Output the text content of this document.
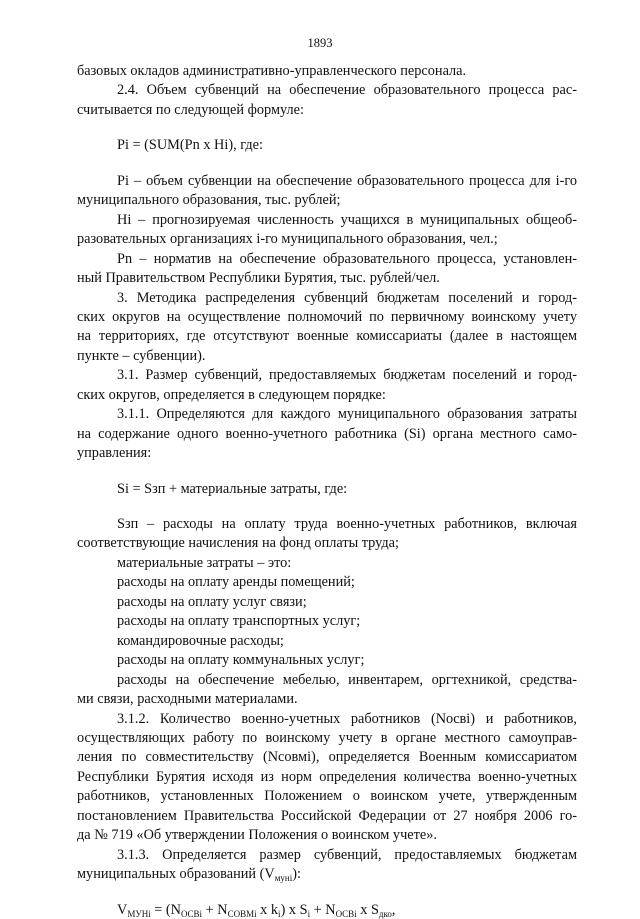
1893
базовых окладов административно-управленческого персонала.
2.4. Объем субвенций на обеспечение образовательного процесса рас-
считывается по следующей формуле:
Pi = (SUM(Pn x Hi), где:
Pi – объем субвенции на обеспечение образовательного процесса для i-го
муниципального образования, тыс. рублей;
Hi – прогнозируемая численность учащихся в муниципальных общеоб-
разовательных организациях i-го муниципального образования, чел.;
Pn – норматив на обеспечение образовательного процесса, установлен-
ный Правительством Республики Бурятия, тыс. рублей/чел.
3. Методика распределения субвенций бюджетам поселений и город-
ских округов на осуществление полномочий по первичному воинскому учету
на территориях, где отсутствуют военные комиссариаты (далее в настоящем
пункте – субвенции).
3.1. Размер субвенций, предоставляемых бюджетам поселений и город-
ских округов, определяется в следующем порядке:
3.1.1. Определяются для каждого муниципального образования затраты
на содержание одного военно-учетного работника (Si) органа местного само-
управления:
Si = Sзп + материальные затраты, где:
Sзп – расходы на оплату труда военно-учетных работников, включая
соответствующие начисления на фонд оплаты труда;
материальные затраты – это:
расходы на оплату аренды помещений;
расходы на оплату услуг связи;
расходы на оплату транспортных услуг;
командировочные расходы;
расходы на оплату коммунальных услуг;
расходы на обеспечение мебелью, инвентарем, оргтехникой, средства-
ми связи, расходными материалами.
3.1.2. Количество военно-учетных работников (Nocві) и работников,
осуществляющих работу по воинскому учету в органе местного самоуправ-
ления по совместительству (Nсовмі), определяется Военным комиссариатом
Республики Бурятия исходя из норм определения количества военно-учетных
работников, установленных Положением о воинском учете, утвержденным
постановлением Правительства Российской Федерации от 27 ноября 2006 го-
да № 719 «Об утверждении Положения о воинском учете».
3.1.3. Определяется размер субвенций, предоставляемых бюджетам
муниципальных образований $(V_{муні})$:
$V_{МУНі} = (N_{OCBі} + N_{COBMі}$ x $k_і$) x $S_і + N_{OCBі}$ x $S_{дко}$,
